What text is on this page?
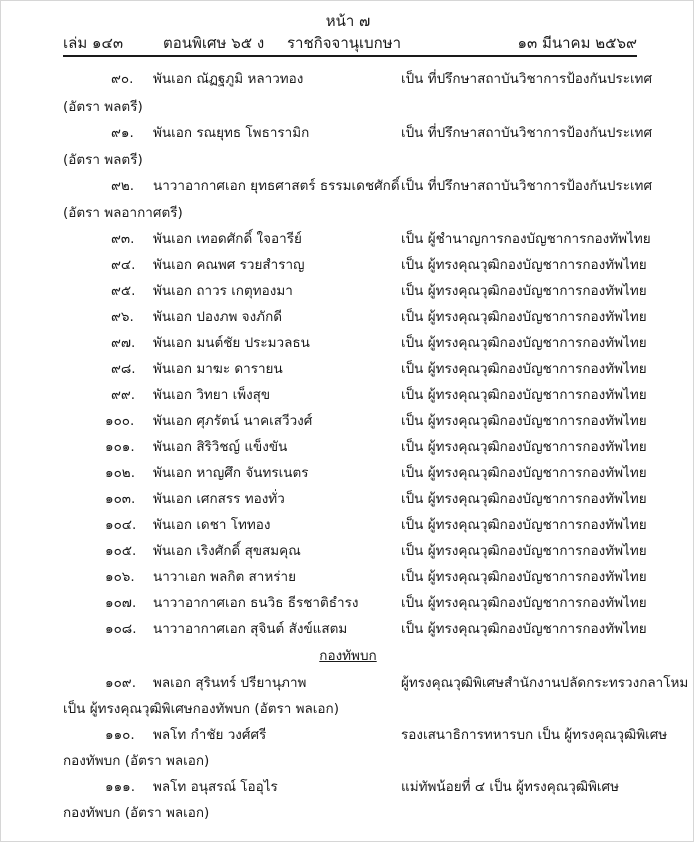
หน้า ๗
เล่ม ๑๔๓	ตอนพิเศษ ๖๕ ง ราชกิจจานุเบกษา	๑๓ มีนาคม ๒๕๖๙
๙๐. พันเอก ณัฏฐภูมิ หลาวทอง	เป็น ที่ปรึกษาสถาบันวิชาการป้องกันประเทศ
(อัตรา พลตรี)
๙๑. พันเอก รณยุทธ โพธารามิก	เป็น ที่ปรึกษาสถาบันวิชาการป้องกันประเทศ
(อัตรา พลตรี)
๙๒. นาวาอากาศเอก ยุทธศาสตร์ ธรรมเดชศักดิ์ เป็น ที่ปรึกษาสถาบันวิชาการป้องกันประเทศ
(อัตรา พลอากาศตรี)
๙๓. พันเอก เทอดศักดิ์ ใจอารีย์	เป็น ผู้ชำนาญการกองบัญชาการกองทัพไทย
๙๔. พันเอก คณพศ รวยสำราญ	เป็น ผู้ทรงคุณวุฒิกองบัญชาการกองทัพไทย
๙๕. พันเอก ถาวร เกตุทองมา	เป็น ผู้ทรงคุณวุฒิกองบัญชาการกองทัพไทย
๙๖. พันเอก ปองภพ จงภักดี	เป็น ผู้ทรงคุณวุฒิกองบัญชาการกองทัพไทย
๙๗. พันเอก มนต์ชัย ประมวลธน	เป็น ผู้ทรงคุณวุฒิกองบัญชาการกองทัพไทย
๙๘. พันเอก มาฆะ ดารายน	เป็น ผู้ทรงคุณวุฒิกองบัญชาการกองทัพไทย
๙๙. พันเอก วิทยา เพ็งสุข	เป็น ผู้ทรงคุณวุฒิกองบัญชาการกองทัพไทย
๑๐๐. พันเอก ศุภรัตน์ นาคเสวีวงศ์	เป็น ผู้ทรงคุณวุฒิกองบัญชาการกองทัพไทย
๑๐๑. พันเอก สิริวิชญ์ แข็งขัน	เป็น ผู้ทรงคุณวุฒิกองบัญชาการกองทัพไทย
๑๐๒. พันเอก หาญศึก จันทรเนตร	เป็น ผู้ทรงคุณวุฒิกองบัญชาการกองทัพไทย
๑๐๓. พันเอก เศกสรร ทองทั่ว	เป็น ผู้ทรงคุณวุฒิกองบัญชาการกองทัพไทย
๑๐๔. พันเอก เดชา โททอง	เป็น ผู้ทรงคุณวุฒิกองบัญชาการกองทัพไทย
๑๐๕. พันเอก เริงศักดิ์ สุขสมคุณ	เป็น ผู้ทรงคุณวุฒิกองบัญชาการกองทัพไทย
๑๐๖. นาวาเอก พลกิต สาหร่าย	เป็น ผู้ทรงคุณวุฒิกองบัญชาการกองทัพไทย
๑๐๗. นาวาอากาศเอก ธนวิธ ธีรชาติธำรง	เป็น ผู้ทรงคุณวุฒิกองบัญชาการกองทัพไทย
๑๐๘. นาวาอากาศเอก สุจินต์ สังข์แสตม	เป็น ผู้ทรงคุณวุฒิกองบัญชาการกองทัพไทย
กองทัพบก
๑๐๙. พลเอก สุรินทร์ ปรียานุภาพ	ผู้ทรงคุณวุฒิพิเศษสำนักงานปลัดกระทรวงกลาโหม
เป็น ผู้ทรงคุณวุฒิพิเศษกองทัพบก (อัตรา พลเอก)
๑๑๐. พลโท กำชัย วงศ์ศรี	รองเสนาธิการทหารบก เป็น ผู้ทรงคุณวุฒิพิเศษ
กองทัพบก (อัตรา พลเอก)
๑๑๑. พลโท อนุสรณ์ โออุไร	แม่ทัพน้อยที่ ๔ เป็น ผู้ทรงคุณวุฒิพิเศษ
กองทัพบก (อัตรา พลเอก)
